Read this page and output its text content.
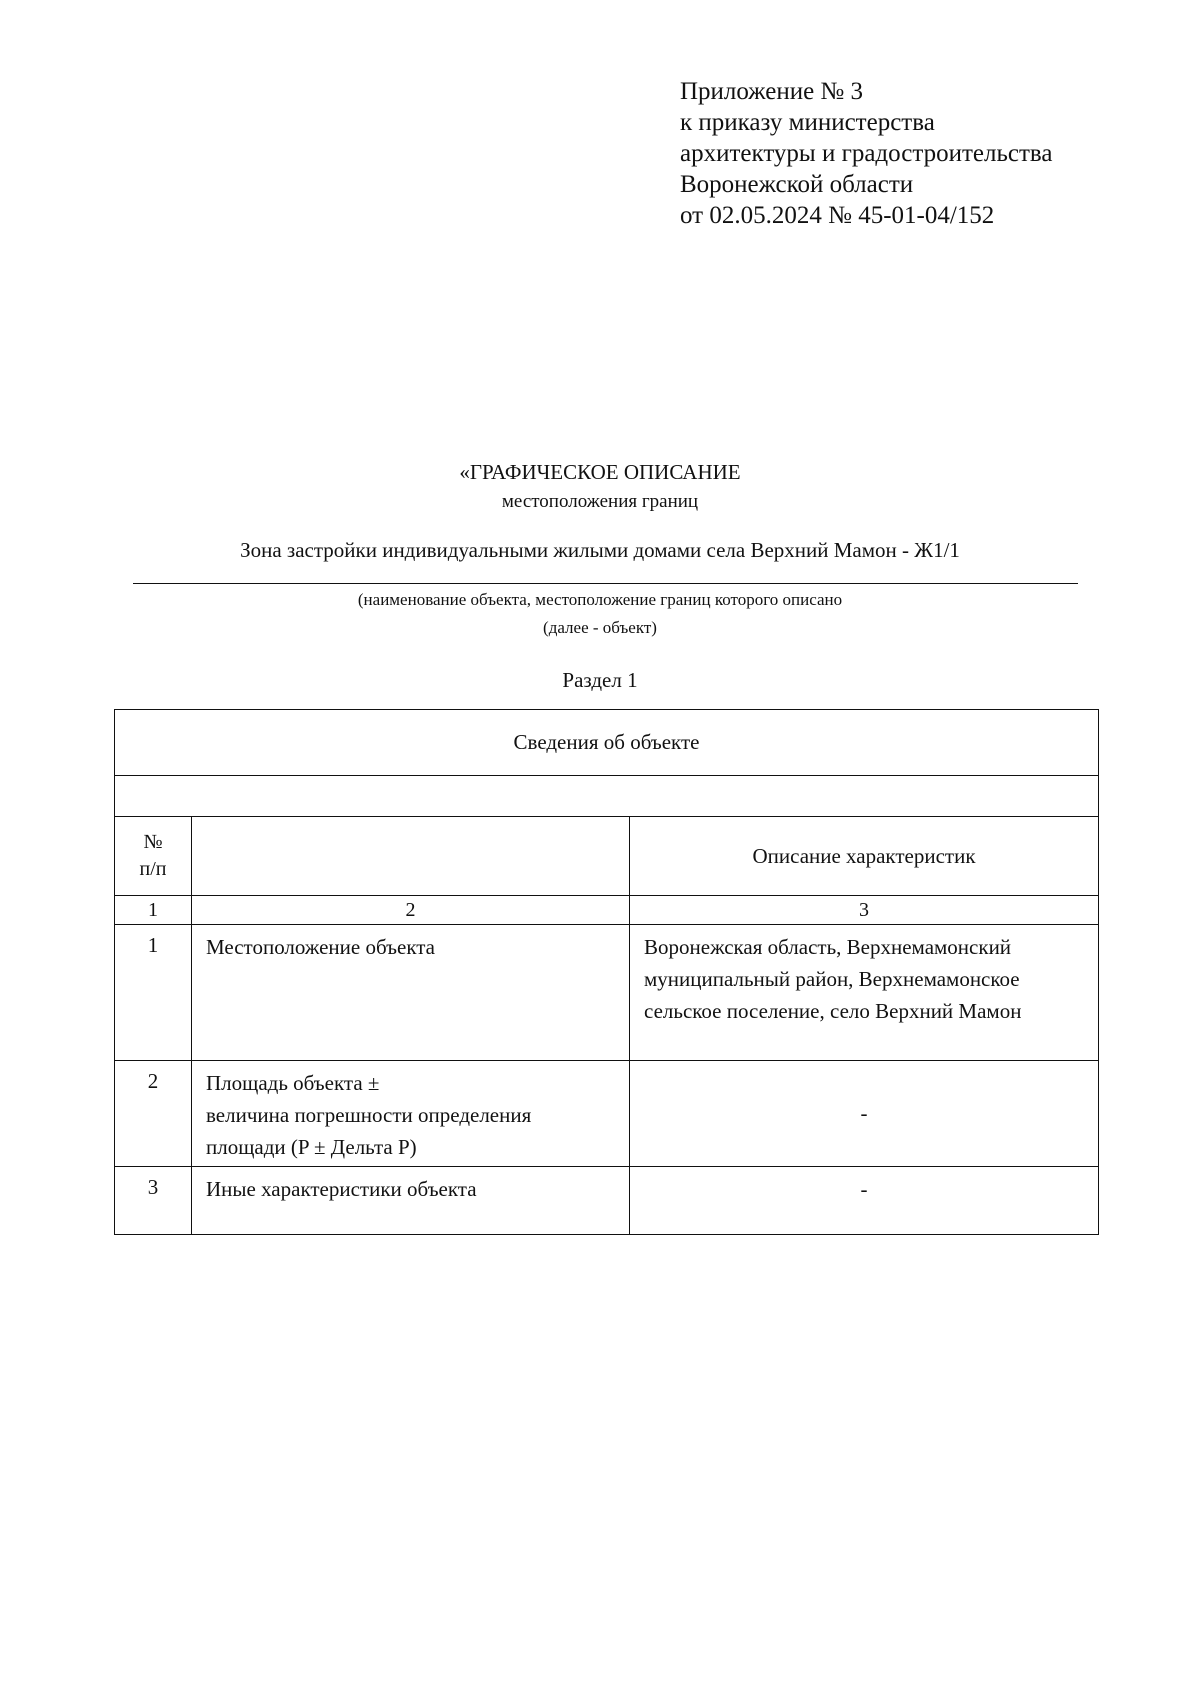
Приложение № 3
к приказу министерства
архитектуры и градостроительства
Воронежской области
от 02.05.2024 № 45-01-04/152
«ГРАФИЧЕСКОЕ ОПИСАНИЕ
местоположения границ
Зона застройки индивидуальными жилыми домами села Верхний Мамон - Ж1/1
(наименование объекта, местоположение границ которого описано
(далее - объект)
Раздел 1
Сведения об объекте		

№
п/п		Описание характеристик
1	2	3
1	Местоположение объекта	Воронежская область, Верхнемамонский
муниципальный район, Верхнемамонское
сельское поселение, село Верхний Мамон

2	Площадь объекта ±
величина погрешности определения
площади (P ± Дельта P)	-
3	Иные характеристики объекта	-
